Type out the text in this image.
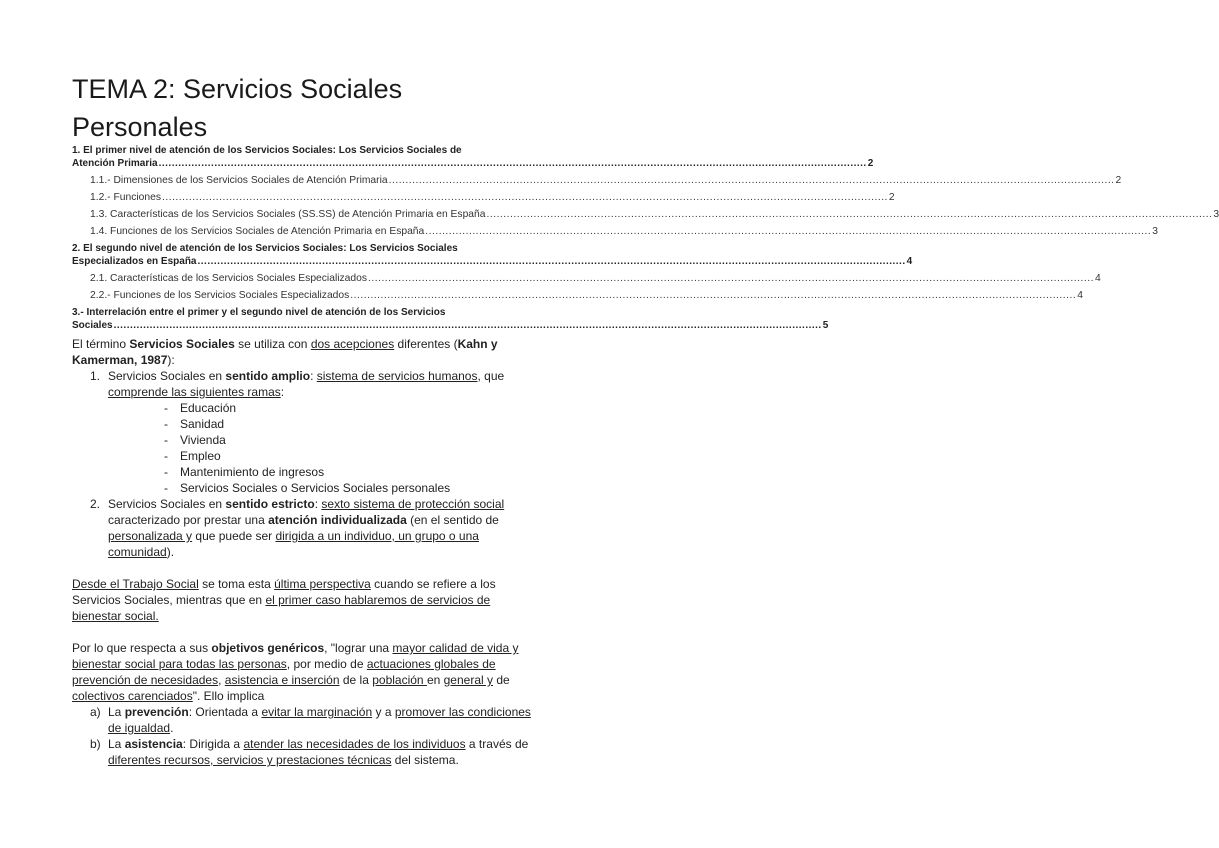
TEMA 2: Servicios Sociales Personales
1. El primer nivel de atención de los Servicios Sociales: Los Servicios Sociales de
Atención Primaria .....	2
1.1.- Dimensiones de los Servicios Sociales de Atención Primaria .....	2
1.2.- Funciones .....	2
1.3. Características de los Servicios Sociales (SS.SS) de Atención Primaria en España .....	3
1.4. Funciones de los Servicios Sociales de Atención Primaria en España .....	3
2. El segundo nivel de atención de los Servicios Sociales: Los Servicios Sociales
Especializados en España .....	4
2.1. Características de los Servicios Sociales Especializados .....	4
2.2.- Funciones de los Servicios Sociales Especializados .....	4
3.- Interrelación entre el primer y el segundo nivel de atención de los Servicios
Sociales .....	5

El término Servicios Sociales se utiliza con dos acepciones diferentes (Kahn y Kamerman, 1987):

1. Servicios Sociales en sentido amplio: sistema de servicios humanos, que comprende las siguientes ramas:
- Educación
- Sanidad
- Vivienda
- Empleo
- Mantenimiento de ingresos
- Servicios Sociales o Servicios Sociales personales
2. Servicios Sociales en sentido estricto: sexto sistema de protección social caracterizado por prestar una atención individualizada (en el sentido de personalizada y que puede ser dirigida a un individuo, un grupo o una comunidad).

Desde el Trabajo Social se toma esta última perspectiva cuando se refiere a los Servicios Sociales, mientras que en el primer caso hablaremos de servicios de bienestar social.

Por lo que respecta a sus objetivos genéricos, "lograr una mayor calidad de vida y bienestar social para todas las personas, por medio de actuaciones globales de prevención de necesidades, asistencia e inserción de la población en general y de colectivos carenciados". Ello implica

a) La prevención: Orientada a evitar la marginación y a promover las condiciones de igualdad.
b) La asistencia: Dirigida a atender las necesidades de los individuos a través de diferentes recursos, servicios y prestaciones técnicas del sistema.
